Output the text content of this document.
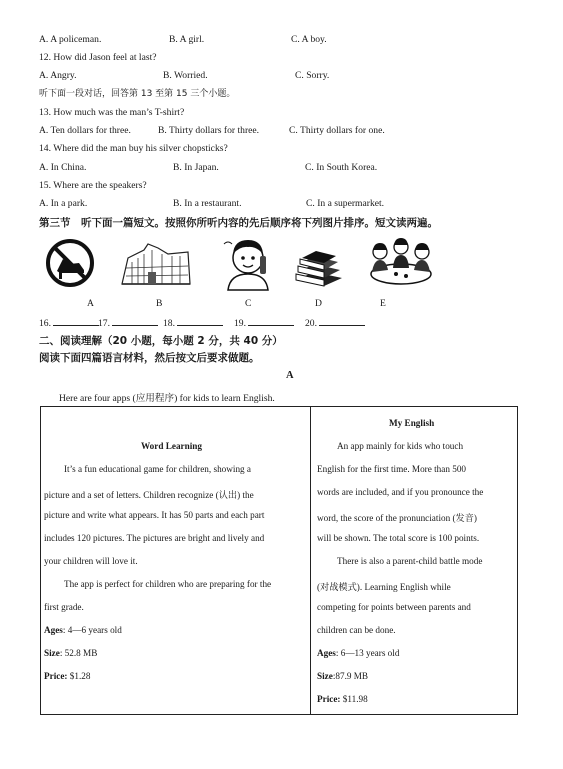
A. A policeman.	B. A girl.	C. A boy.
12. How did Jason feel at last?
A. Angry.	B. Worried.	C. Sorry.
听下面一段对话，回答第 13 至第 15 三个小题。
13. How much was the man’s T-shirt?
A. Ten dollars for three.	B. Thirty dollars for three.	C. Thirty dollars for one.
14. Where did the man buy his silver chopsticks?
A. In China.	B. In Japan.	C. In South Korea.
15. Where are the speakers?
A. In a park.	B. In a restaurant.	C. In a supermarket.
第三节　听下面一篇短文。按照你所听内容的先后顺序将下列图片排序。短文读两遍。
A	B	C	D	E
16.	17.	18.	19.	20.
二、阅读理解（20 小题，每小题 2 分，共 40 分）
阅读下面四篇语言材料，然后按文后要求做题。
A
Here are four apps (应用程序) for kids to learn English.
Word Learning
It’s a fun educational game for children, showing a
picture and a set of letters. Children recognize (认出) the
picture and write what appears. It has 50 parts and each part
includes 120 pictures. The pictures are bright and lively and
your children will love it.
The app is perfect for children who are preparing for the
first grade.
Ages: 4—6 years old
Size: 52.8 MB
Price: $1.28
My English
An app mainly for kids who touch
English for the first time. More than 500
words are included, and if you pronounce the
word, the score of the pronunciation (发音)
will be shown. The total score is 100 points.
There is also a parent-child battle mode
(对战模式). Learning English while
competing for points between parents and
children can be done.
Ages: 6—13 years old
Size:87.9 MB
Price: $11.98
